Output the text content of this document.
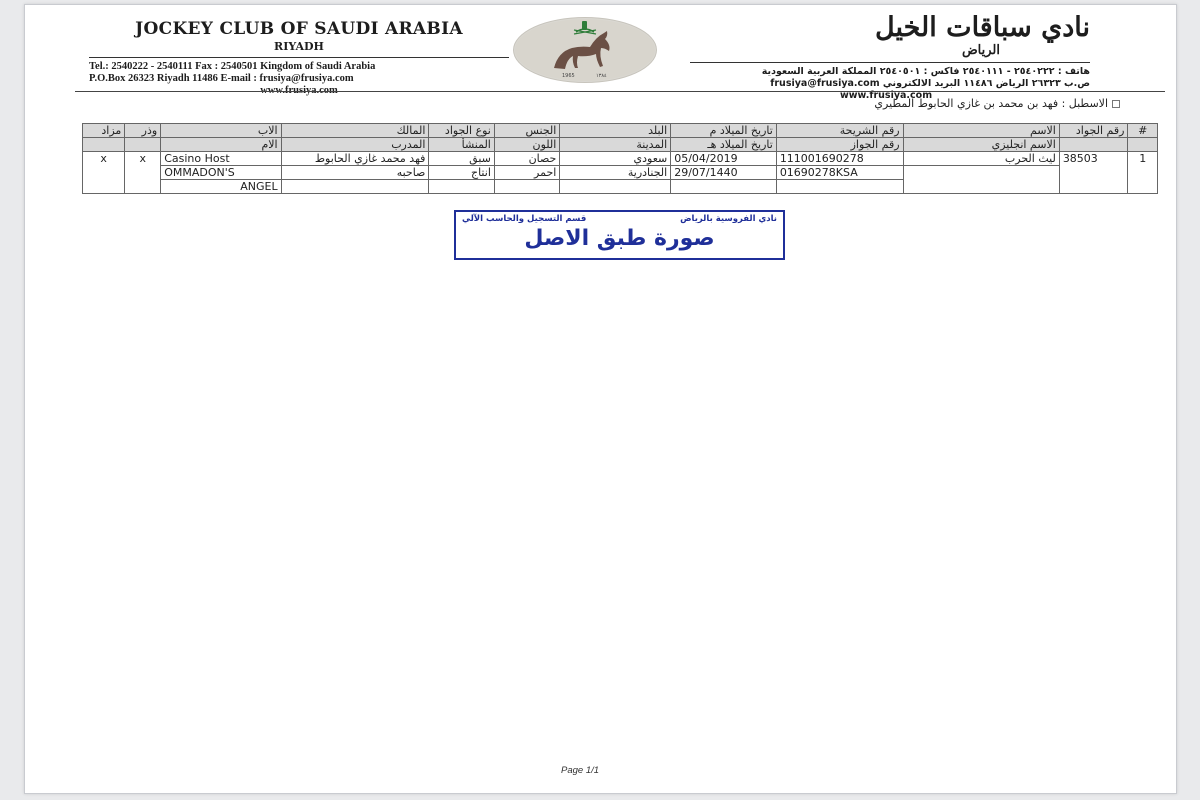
JOCKEY CLUB OF SAUDI ARABIA
RIYADH
Tel.: 2540222 - 2540111 Fax : 2540501 Kingdom of Saudi Arabia
P.O.Box 26323 Riyadh 11486 E-mail : frusiya@frusiya.com
www.frusiya.com
1965	١٣٨٤
نادي سباقات الخيل
الرياض
هاتف : ٢٥٤٠٢٢٢ - ٢٥٤٠١١١ فاكس : ٢٥٤٠٥٠١ المملكة العربية السعودية
ص.ب ٢٦٣٢٣ الرياض ١١٤٨٦ البريد الالكتروني frusiya@frusiya.com
www.frusiya.com
الاسطبل : فهد بن محمد بن غازي الحابوط المطيري
#	رقم الجواد	الاسم	رقم الشريحة	تاريخ الميلاد م	البلد	الجنس	نوع الجواد	المالك	الاب	وذر	مزاد
		الاسم انجليزي	رقم الجواز	تاريخ الميلاد هـ	المدينة	اللون	المنشأ	المدرب	الام		
1	38503	ليث الحرب	111001690278	05/04/2019	سعودي	حصان	سبق	فهد محمد غازي الحابوط	Casino Host	x	x
			01690278KSA	29/07/1440	الجنادرية	احمر	انتاج	صاحبه	OMMADON'S		
									ANGEL		
نادي الفروسية بالرياض
قسم التسجيل والحاسب الآلي
صورة طبق الاصل
Page 1/1
